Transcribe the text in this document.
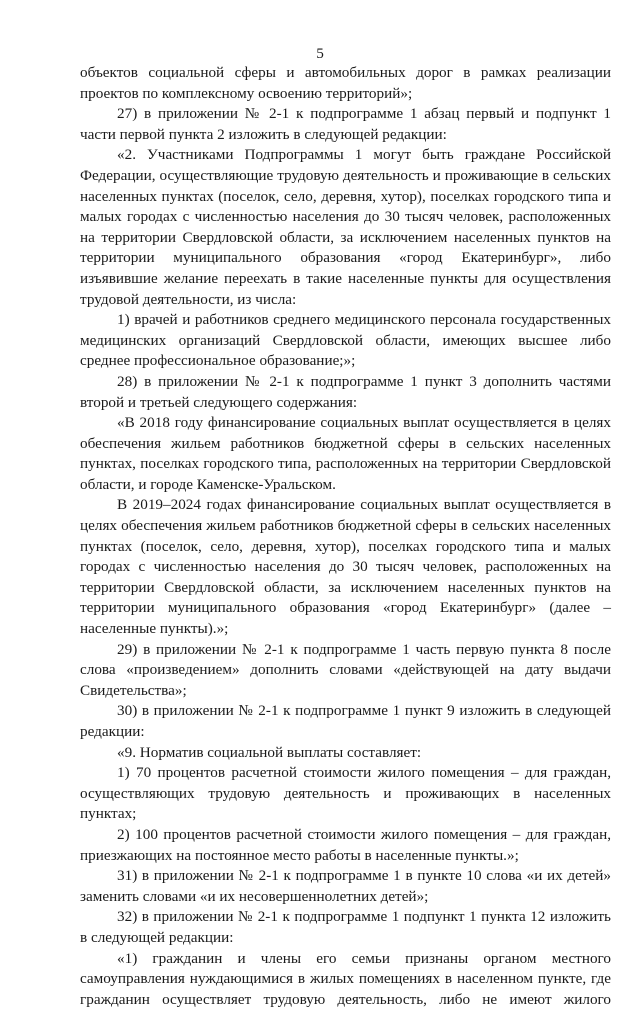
5

объектов социальной сферы и автомобильных дорог в рамках реализации проектов по комплексному освоению территорий»;

27) в приложении № 2-1 к подпрограмме 1 абзац первый и подпункт 1 части первой пункта 2 изложить в следующей редакции:

«2. Участниками Подпрограммы 1 могут быть граждане Российской Федерации, осуществляющие трудовую деятельность и проживающие в сельских населенных пунктах (поселок, село, деревня, хутор), поселках городского типа и малых городах с численностью населения до 30 тысяч человек, расположенных на территории Свердловской области, за исключением населенных пунктов на территории муниципального образования «город Екатеринбург», либо изъявившие желание переехать в такие населенные пункты для осуществления трудовой деятельности, из числа:

1) врачей и работников среднего медицинского персонала государственных медицинских организаций Свердловской области, имеющих высшее либо среднее профессиональное образование;»;

28) в приложении № 2-1 к подпрограмме 1 пункт 3 дополнить частями второй и третьей следующего содержания:

«В 2018 году финансирование социальных выплат осуществляется в целях обеспечения жильем работников бюджетной сферы в сельских населенных пунктах, поселках городского типа, расположенных на территории Свердловской области, и городе Каменске-Уральском.

В 2019–2024 годах финансирование социальных выплат осуществляется в целях обеспечения жильем работников бюджетной сферы в сельских населенных пунктах (поселок, село, деревня, хутор), поселках городского типа и малых городах с численностью населения до 30 тысяч человек, расположенных на территории Свердловской области, за исключением населенных пунктов на территории муниципального образования «город Екатеринбург» (далее – населенные пункты).»;

29) в приложении № 2-1 к подпрограмме 1 часть первую пункта 8 после слова «произведением» дополнить словами «действующей на дату выдачи Свидетельства»;

30) в приложении № 2-1 к подпрограмме 1 пункт 9 изложить в следующей редакции:

«9. Норматив социальной выплаты составляет:

1) 70 процентов расчетной стоимости жилого помещения – для граждан, осуществляющих трудовую деятельность и проживающих в населенных пунктах;

2) 100 процентов расчетной стоимости жилого помещения – для граждан, приезжающих на постоянное место работы в населенные пункты.»;

31) в приложении № 2-1 к подпрограмме 1 в пункте 10 слова «и их детей» заменить словами «и их несовершеннолетних детей»;

32) в приложении № 2-1 к подпрограмме 1 подпункт 1 пункта 12 изложить в следующей редакции:

«1) гражданин и члены его семьи признаны органом местного самоуправления нуждающимися в жилых помещениях в населенном пункте, где гражданин осуществляет трудовую деятельность, либо не имеют жилого
